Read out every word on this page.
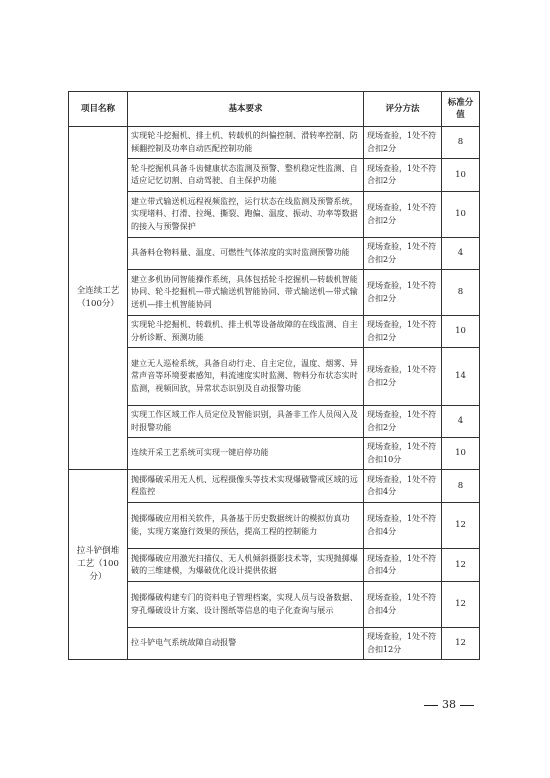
项目名称	基本要求	评分方法	标准分值
全连续工艺（100分）	实现轮斗挖掘机、排土机、转载机的纠偏控制、滑转率控制、防倾翻控制及功率自动匹配控制功能	现场查验，1处不符合扣2分	8
	轮斗挖掘机具备斗齿健康状态监测及预警、整机稳定性监测、自适应记忆切割、自动驾驶、自主保护功能	现场查验，1处不符合扣2分	10
	建立带式输送机远程视频监控，运行状态在线监测及预警系统，实现堵料、打滑、拉绳、撕裂、跑偏、温度、振动、功率等数据的接入与预警保护	现场查验，1处不符合扣2分	10
	具备料仓物料量、温度、可燃性气体浓度的实时监测预警功能	现场查验，1处不符合扣2分	4
	建立多机协同智能操作系统，具体包括轮斗挖掘机—转载机智能协同、轮斗挖掘机—带式输送机智能协同、带式输送机—带式输送机—排土机智能协同	现场查验，1处不符合扣2分	8
	实现轮斗挖掘机、转载机、排土机等设备故障的在线监测、自主分析诊断、预测功能	现场查验，1处不符合扣2分	10
	建立无人巡检系统，具备自动行走、自主定位，温度、烟雾、异常声音等环境要素感知，料流速度实时监测、物料分布状态实时监测，视频回放，异常状态识别及自动报警功能	现场查验，1处不符合扣2分	14
	实现工作区域工作人员定位及智能识别，具备非工作人员闯入及时报警功能	现场查验，1处不符合扣2分	4
	连续开采工艺系统可实现一键启停功能	现场查验，1处不符合扣10分	10
拉斗铲倒堆工艺（100分）	抛掷爆破采用无人机、远程摄像头等技术实现爆破警戒区域的远程监控	现场查验，1处不符合扣4分	8
	抛掷爆破应用相关软件，具备基于历史数据统计的模拟仿真功能，实现方案施行效果的预估，提高工程的控制能力	现场查验，1处不符合扣4分	12
	抛掷爆破应用激光扫描仪、无人机倾斜摄影技术等，实现抛掷爆破的三维建模，为爆破优化设计提供依据	现场查验，1处不符合扣4分	12
	抛掷爆破构建专门的资料电子管理档案，实现人员与设备数据、穿孔爆破设计方案、设计图纸等信息的电子化查询与展示	现场查验，1处不符合扣4分	12
	拉斗铲电气系统故障自动报警	现场查验，1处不符合扣12分	12
38
